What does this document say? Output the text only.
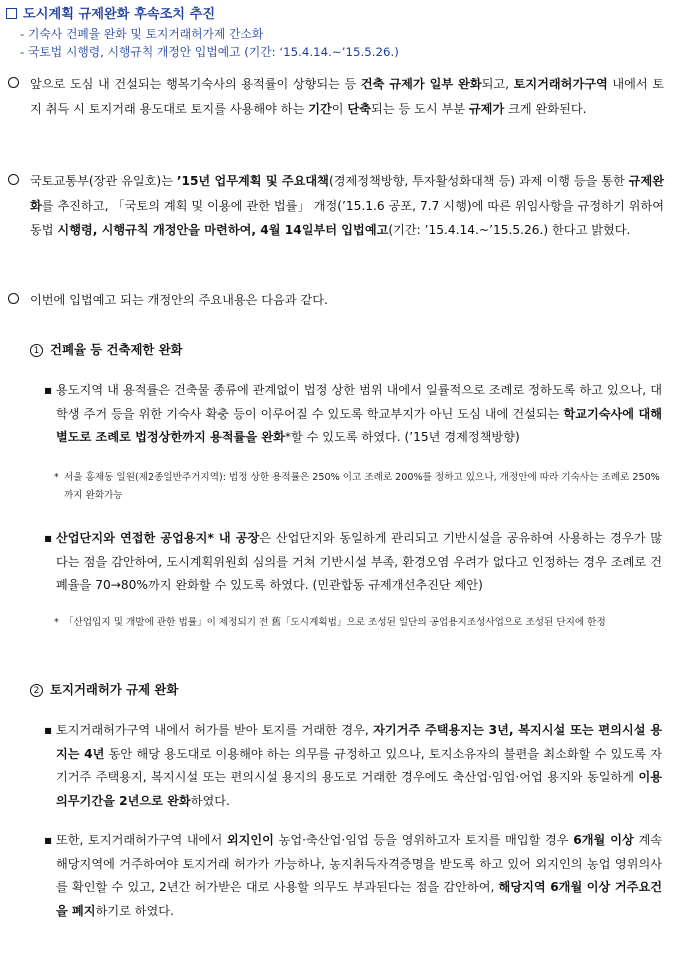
도시계획 규제완화 후속조치 추진
- 기숙사 건폐율 완화 및 토지거래허가제 간소화
- 국토법 시행령, 시행규칙 개정안 입법예고 (기간: ‘15.4.14.~’15.5.26.)
앞으로 도심 내 건설되는 행복기숙사의 용적률이 상향되는 등 건축 규제가 일부 완화되고, 토지거래허가구역 내에서 토지 취득 시 토지거래 용도대로 토지를 사용해야 하는 기간이 단축되는 등 도시 부분 규제가 크게 완화된다.
국토교통부(장관 유일호)는 ’15년 업무계획 및 주요대책(경제정책방향, 투자활성화대책 등) 과제 이행 등을 통한 규제완화를 추진하고, 「국토의 계획 및 이용에 관한 법률」 개정(’15.1.6 공포, 7.7 시행)에 따른 위임사항을 규정하기 위하여 동법 시행령, 시행규칙 개정안을 마련하여, 4월 14일부터 입법예고(기간: ’15.4.14.~’15.5.26.) 한다고 밝혔다.
이번에 입법예고 되는 개정안의 주요내용은 다음과 같다.
1 건폐율 등 건축제한 완화
▪ 용도지역 내 용적률은 건축물 종류에 관계없이 법정 상한 범위 내에서 일률적으로 조례로 정하도록 하고 있으나, 대학생 주거 등을 위한 기숙사 확충 등이 이루어질 수 있도록 학교부지가 아닌 도심 내에 건설되는 학교기숙사에 대해 별도로 조례로 법정상한까지 용적률을 완화*할 수 있도록 하였다. (’15년 경제정책방향)
* 서울 홍제동 일원(제2종일반주거지역): 법정 상한 용적률은 250% 이고 조례로 200%를 정하고 있으나, 개정안에 따라 기숙사는 조례로 250%까지 완화가능
▪ 산업단지와 연접한 공업용지* 내 공장은 산업단지와 동일하게 관리되고 기반시설을 공유하여 사용하는 경우가 많다는 점을 감안하여, 도시계획위원회 심의를 거쳐 기반시설 부족, 환경오염 우려가 없다고 인정하는 경우 조례로 건폐율을 70→80%까지 완화할 수 있도록 하였다. (민관합동 규제개선추진단 제안)
* 「산업입지 및 개발에 관한 법률」이 제정되기 전 舊「도시계획법」으로 조성된 일단의 공업용지조성사업으로 조성된 단지에 한정
2 토지거래허가 규제 완화
▪ 토지거래허가구역 내에서 허가를 받아 토지를 거래한 경우, 자기거주 주택용지는 3년, 복지시설 또는 편의시설 용지는 4년 동안 해당 용도대로 이용해야 하는 의무를 규정하고 있으나, 토지소유자의 불편을 최소화할 수 있도록 자기거주 주택용지, 복지시설 또는 편의시설 용지의 용도로 거래한 경우에도 축산업·임업·어업 용지와 동일하게 이용의무기간을 2년으로 완화하였다.
▪ 또한, 토지거래허가구역 내에서 외지인이 농업·축산업·임업 등을 영위하고자 토지를 매입할 경우 6개월 이상 계속 해당지역에 거주하여야 토지거래 허가가 가능하나, 농지취득자격증명을 받도록 하고 있어 외지인의 농업 영위의사를 확인할 수 있고, 2년간 허가받은 대로 사용할 의무도 부과된다는 점을 감안하여, 해당지역 6개월 이상 거주요건을 폐지하기로 하였다.
